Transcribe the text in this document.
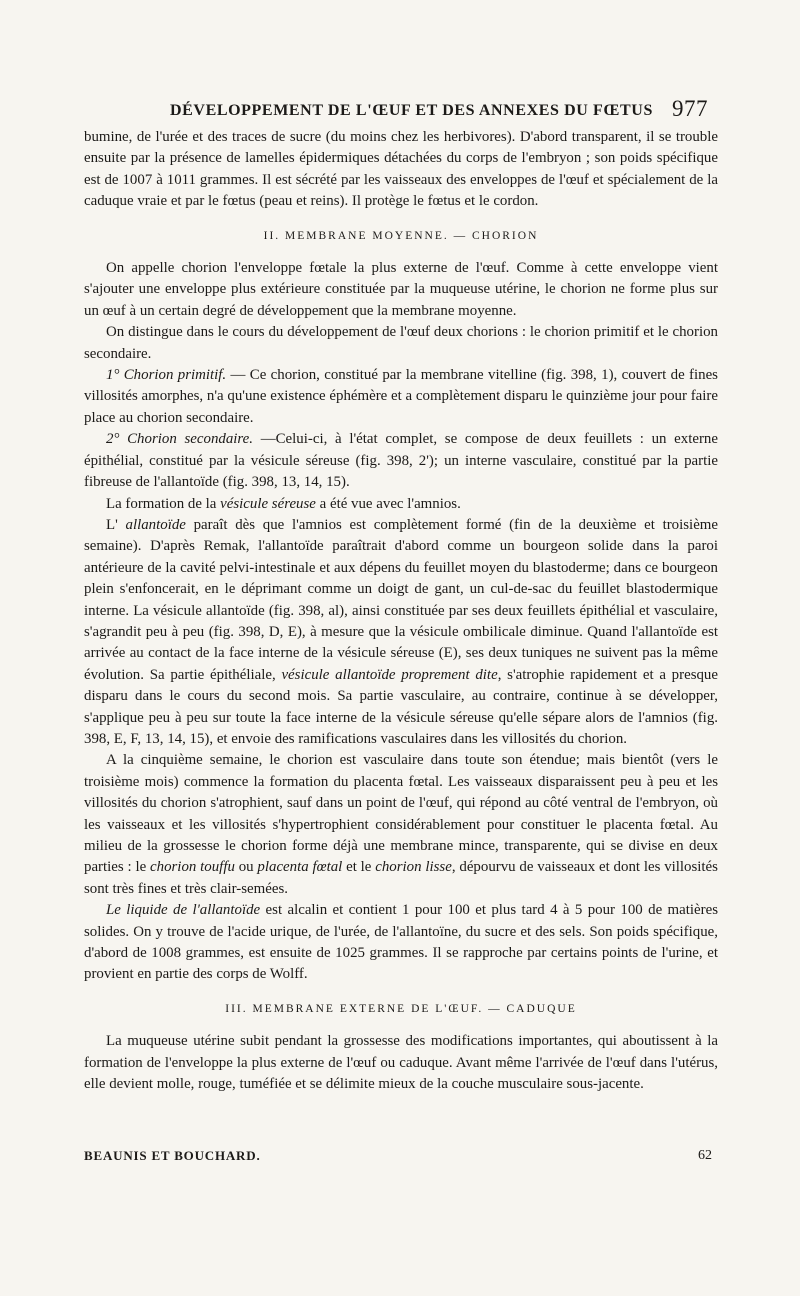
DÉVELOPPEMENT DE L'ŒUF ET DES ANNEXES DU FŒTUS 977

bumine, de l'urée et des traces de sucre (du moins chez les herbivores). D'abord transparent, il se trouble ensuite par la présence de lamelles épidermiques détachées du corps de l'embryon ; son poids spécifique est de 1007 à 1011 grammes. Il est sécrété par les vaisseaux des enveloppes de l'œuf et spécialement de la caduque vraie et par le fœtus (peau et reins). Il protège le fœtus et le cordon.

II. MEMBRANE MOYENNE. — CHORION

On appelle chorion l'enveloppe fœtale la plus externe de l'œuf. Comme à cette enveloppe vient s'ajouter une enveloppe plus extérieure constituée par la muqueuse utérine, le chorion ne forme plus sur un œuf à un certain degré de développement que la membrane moyenne.

On distingue dans le cours du développement de l'œuf deux chorions : le chorion primitif et le chorion secondaire.

1° Chorion primitif. — Ce chorion, constitué par la membrane vitelline (fig. 398, 1), couvert de fines villosités amorphes, n'a qu'une existence éphémère et a complètement disparu le quinzième jour pour faire place au chorion secondaire.

2° Chorion secondaire. —Celui-ci, à l'état complet, se compose de deux feuillets : un externe épithélial, constitué par la vésicule séreuse (fig. 398, 2'); un interne vasculaire, constitué par la partie fibreuse de l'allantoïde (fig. 398, 13, 14, 15).

La formation de la vésicule séreuse a été vue avec l'amnios.

L' allantoïde paraît dès que l'amnios est complètement formé (fin de la deuxième et troisième semaine). D'après Remak, l'allantoïde paraîtrait d'abord comme un bourgeon solide dans la paroi antérieure de la cavité pelvi-intestinale et aux dépens du feuillet moyen du blastoderme; dans ce bourgeon plein s'enfoncerait, en le déprimant comme un doigt de gant, un cul-de-sac du feuillet blastodermique interne. La vésicule allantoïde (fig. 398, al), ainsi constituée par ses deux feuillets épithélial et vasculaire, s'agrandit peu à peu (fig. 398, D, E), à mesure que la vésicule ombilicale diminue. Quand l'allantoïde est arrivée au contact de la face interne de la vésicule séreuse (E), ses deux tuniques ne suivent pas la même évolution. Sa partie épithéliale, vésicule allantoïde proprement dite, s'atrophie rapidement et a presque disparu dans le cours du second mois. Sa partie vasculaire, au contraire, continue à se développer, s'applique peu à peu sur toute la face interne de la vésicule séreuse qu'elle sépare alors de l'amnios (fig. 398, E, F, 13, 14, 15), et envoie des ramifications vasculaires dans les villosités du chorion.

A la cinquième semaine, le chorion est vasculaire dans toute son étendue; mais bientôt (vers le troisième mois) commence la formation du placenta fœtal. Les vaisseaux disparaissent peu à peu et les villosités du chorion s'atrophient, sauf dans un point de l'œuf, qui répond au côté ventral de l'embryon, où les vaisseaux et les villosités s'hypertrophient considérablement pour constituer le placenta fœtal. Au milieu de la grossesse le chorion forme déjà une membrane mince, transparente, qui se divise en deux parties : le chorion touffu ou placenta fœtal et le chorion lisse, dépourvu de vaisseaux et dont les villosités sont très fines et très clair-semées.

Le liquide de l'allantoïde est alcalin et contient 1 pour 100 et plus tard 4 à 5 pour 100 de matières solides. On y trouve de l'acide urique, de l'urée, de l'allantoïne, du sucre et des sels. Son poids spécifique, d'abord de 1008 grammes, est ensuite de 1025 grammes. Il se rapproche par certains points de l'urine, et provient en partie des corps de Wolff.

III. MEMBRANE EXTERNE DE L'ŒUF. — CADUQUE

La muqueuse utérine subit pendant la grossesse des modifications importantes, qui aboutissent à la formation de l'enveloppe la plus externe de l'œuf ou caduque. Avant même l'arrivée de l'œuf dans l'utérus, elle devient molle, rouge, tuméfiée et se délimite mieux de la couche musculaire sous-jacente.

BEAUNIS ET BOUCHARD.	62
